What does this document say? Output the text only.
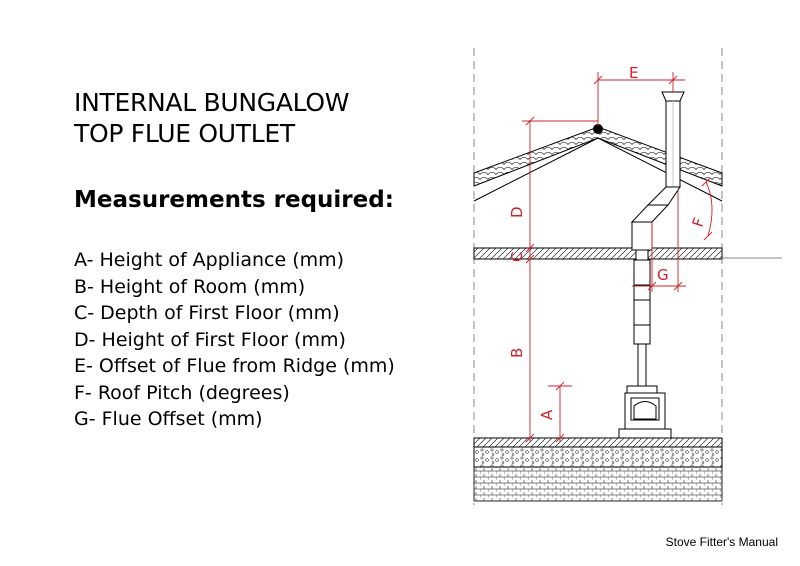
INTERNAL BUNGALOW
TOP FLUE OUTLET
Measurements required:
A- Height of Appliance (mm)
B- Height of Room (mm)
C- Depth of First Floor (mm)
D- Height of First Floor (mm)
E- Offset of Flue from Ridge (mm)
F- Roof Pitch (degrees)
G- Flue Offset (mm)
E
D
C
B
A
F
G
Stove Fitter's Manual
